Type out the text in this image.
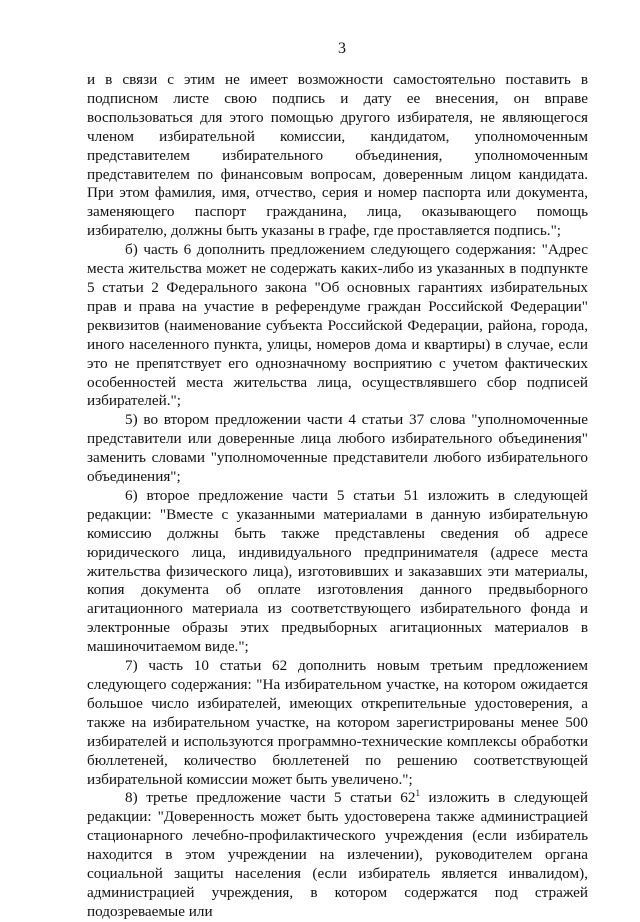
3

и в связи с этим не имеет возможности самостоятельно поставить в подписном листе свою подпись и дату ее внесения, он вправе воспользоваться для этого помощью другого избирателя, не являющегося членом избирательной комиссии, кандидатом, уполномоченным представителем избирательного объединения, уполномоченным представителем по финансовым вопросам, доверенным лицом кандидата. При этом фамилия, имя, отчество, серия и номер паспорта или документа, заменяющего паспорт гражданина, лица, оказывающего помощь избирателю, должны быть указаны в графе, где проставляется подпись.";

б) часть 6 дополнить предложением следующего содержания: "Адрес места жительства может не содержать каких-либо из указанных в подпункте 5 статьи 2 Федерального закона "Об основных гарантиях избирательных прав и права на участие в референдуме граждан Российской Федерации" реквизитов (наименование субъекта Российской Федерации, района, города, иного населенного пункта, улицы, номеров дома и квартиры) в случае, если это не препятствует его однозначному восприятию с учетом фактических особенностей места жительства лица, осуществлявшего сбор подписей избирателей.";

5) во втором предложении части 4 статьи 37 слова "уполномоченные представители или доверенные лица любого избирательного объединения" заменить словами "уполномоченные представители любого избирательного объединения";

6) второе предложение части 5 статьи 51 изложить в следующей редакции: "Вместе с указанными материалами в данную избирательную комиссию должны быть также представлены сведения об адресе юридического лица, индивидуального предпринимателя (адресе места жительства физического лица), изготовивших и заказавших эти материалы, копия документа об оплате изготовления данного предвыборного агитационного материала из соответствующего избирательного фонда и электронные образы этих предвыборных агитационных материалов в машиночитаемом виде.";

7) часть 10 статьи 62 дополнить новым третьим предложением следующего содержания: "На избирательном участке, на котором ожидается большое число избирателей, имеющих открепительные удостоверения, а также на избирательном участке, на котором зарегистрированы менее 500 избирателей и используются программно-технические комплексы обработки бюллетеней, количество бюллетеней по решению соответствующей избирательной комиссии может быть увеличено.";

8) третье предложение части 5 статьи $62^1$ изложить в следующей редакции: "Доверенность может быть удостоверена также администрацией стационарного лечебно-профилактического учреждения (если избиратель находится в этом учреждении на излечении), руководителем органа социальной защиты населения (если избиратель является инвалидом), администрацией учреждения, в котором содержатся под стражей подозреваемые или
